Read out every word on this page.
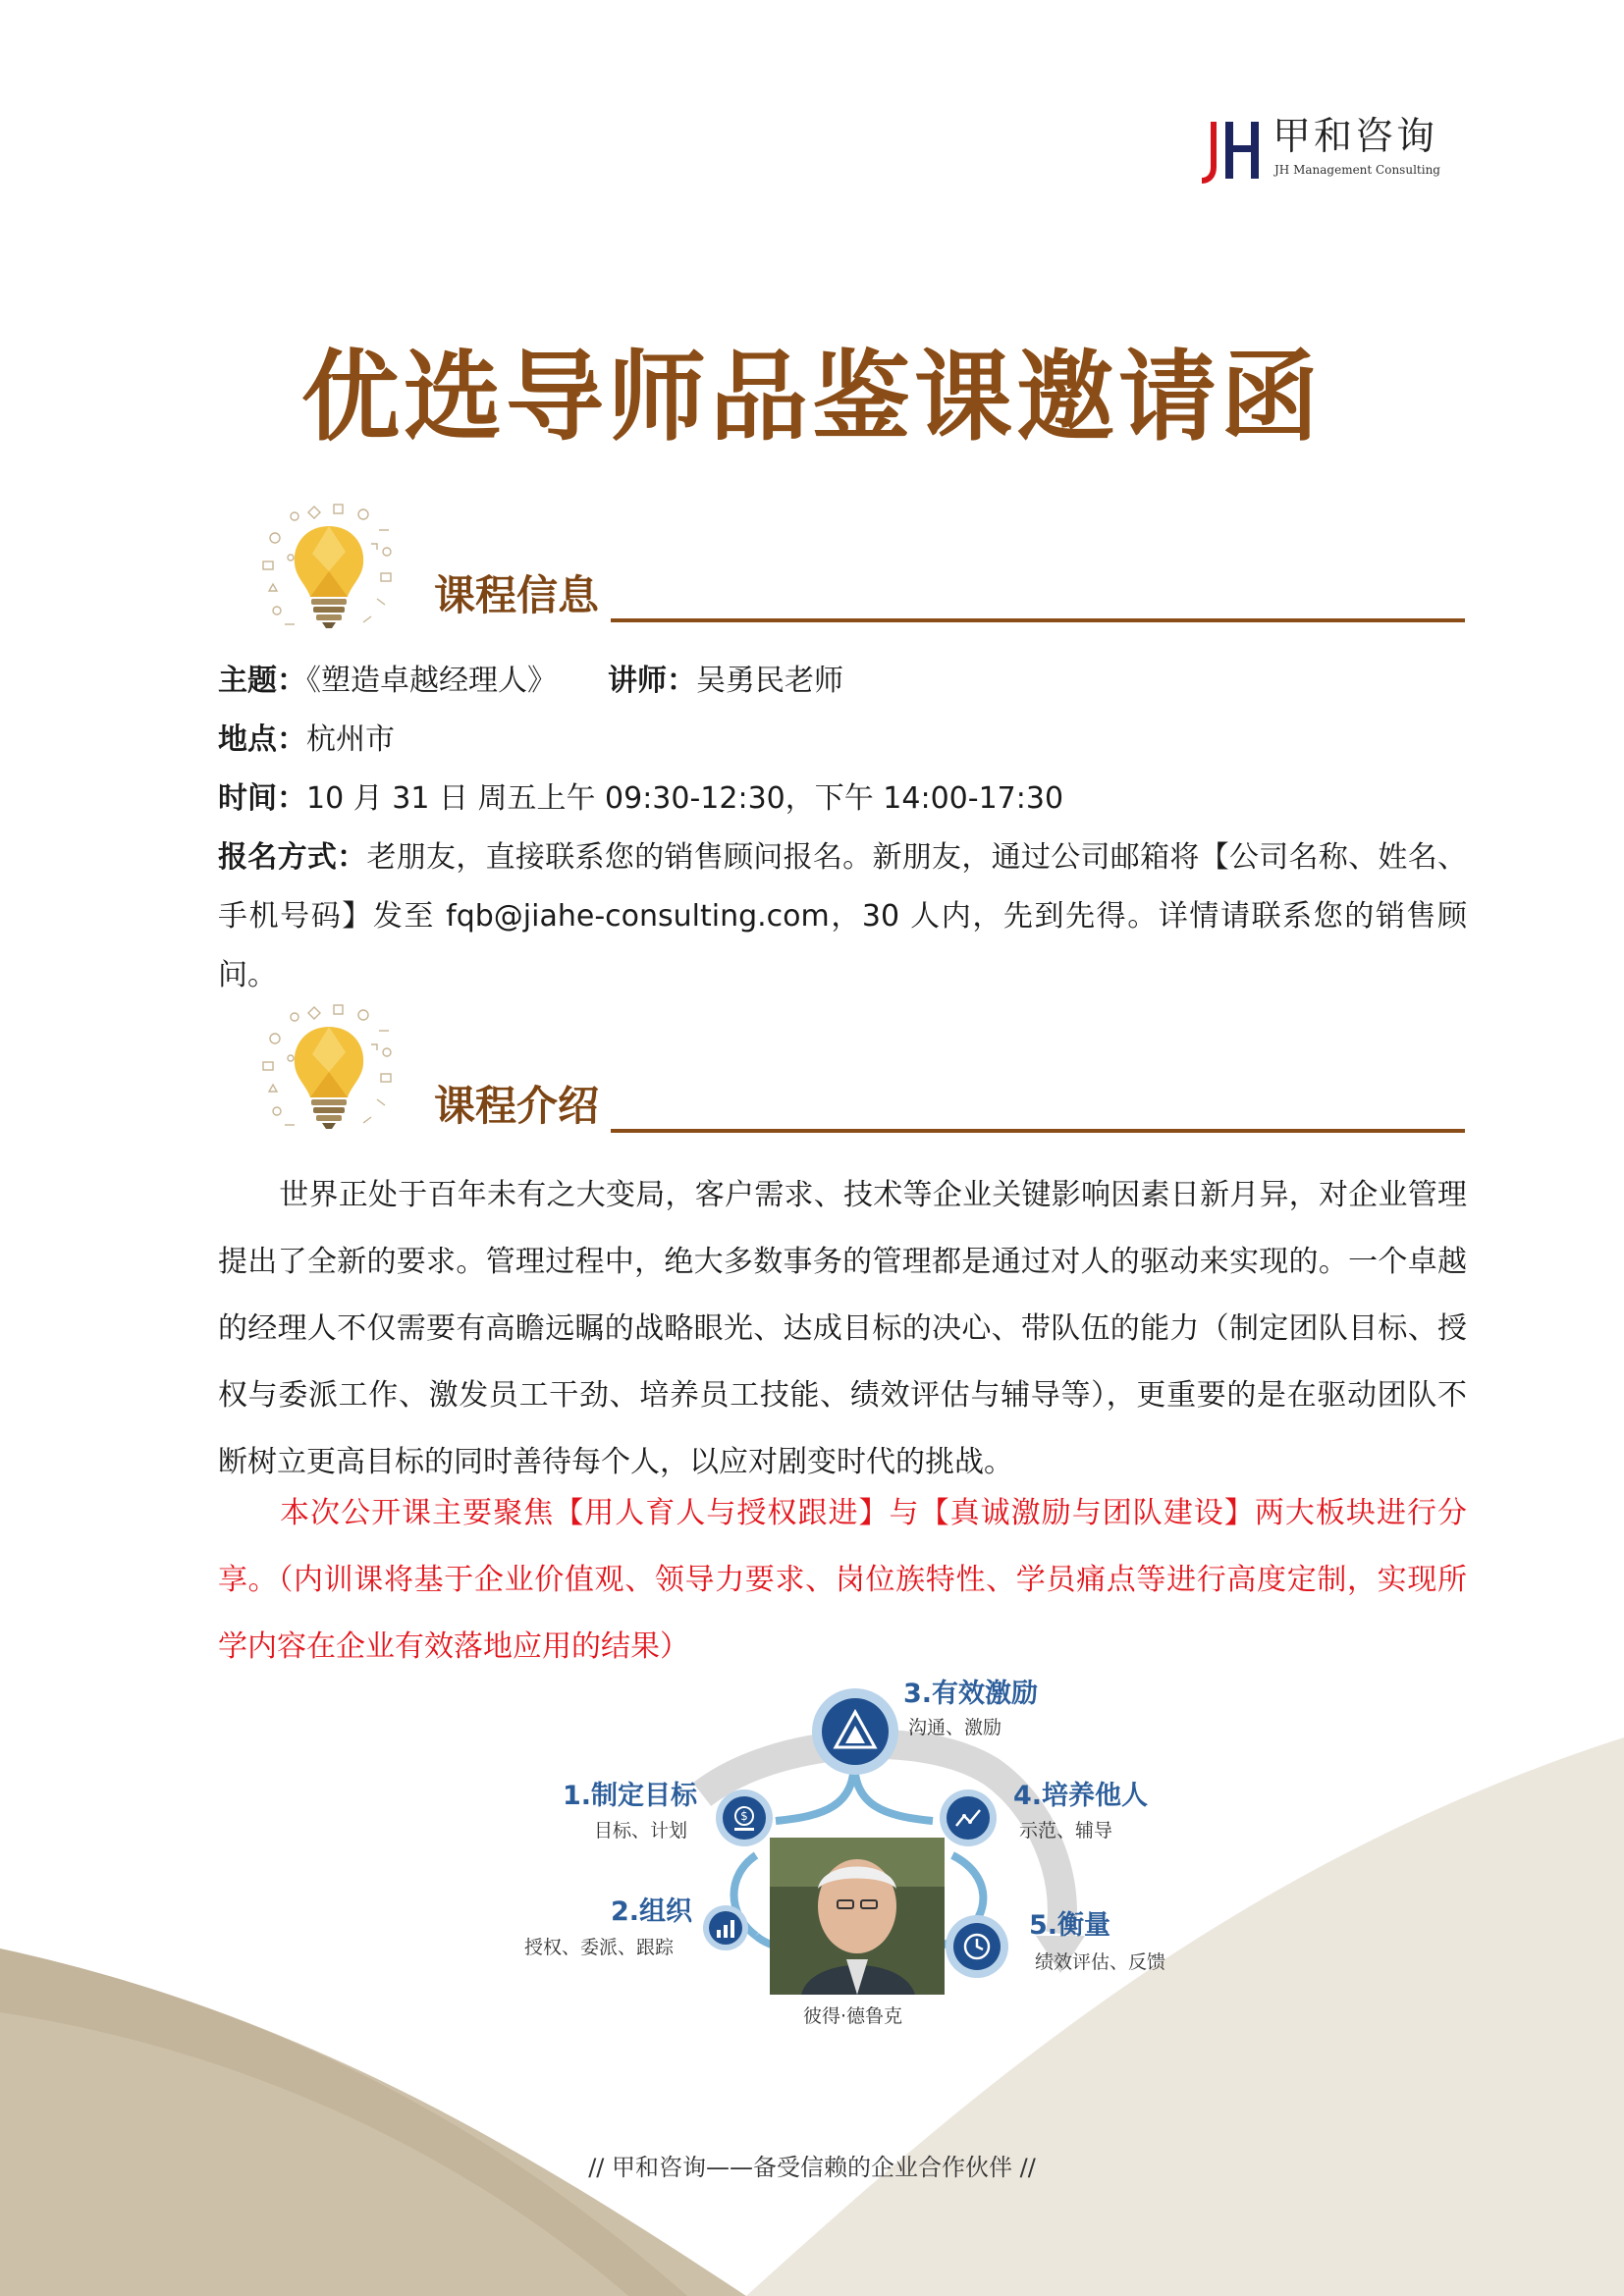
甲和咨询
JH Management Consulting
优选导师品鉴课邀请函
课程信息
主题：《塑造卓越经理人》 讲师：吴勇民老师
地点：杭州市
时间：10 月 31 日 周五上午 09:30-12:30，下午 14:00-17:30
报名方式：老朋友，直接联系您的销售顾问报名。新朋友，通过公司邮箱将【公司名称、姓名、手机号码】发至 fqb@jiahe-consulting.com，30 人内，先到先得。详情请联系您的销售顾问。
课程介绍
世界正处于百年未有之大变局，客户需求、技术等企业关键影响因素日新月异，对企业管理提出了全新的要求。管理过程中，绝大多数事务的管理都是通过对人的驱动来实现的。一个卓越的经理人不仅需要有高瞻远瞩的战略眼光、达成目标的决心、带队伍的能力（制定团队目标、授权与委派工作、激发员工干劲、培养员工技能、绩效评估与辅导等），更重要的是在驱动团队不断树立更高目标的同时善待每个人，以应对剧变时代的挑战。
本次公开课主要聚焦【用人育人与授权跟进】与【真诚激励与团队建设】两大板块进行分享。（内训课将基于企业价值观、领导力要求、岗位族特性、学员痛点等进行高度定制，实现所学内容在企业有效落地应用的结果）
$
3.有效激励
沟通、激励
1.制定目标
目标、计划
4.培养他人
示范、辅导
2.组织
授权、委派、跟踪
5.衡量
绩效评估、反馈
彼得·德鲁克
// 甲和咨询——备受信赖的企业合作伙伴 //
